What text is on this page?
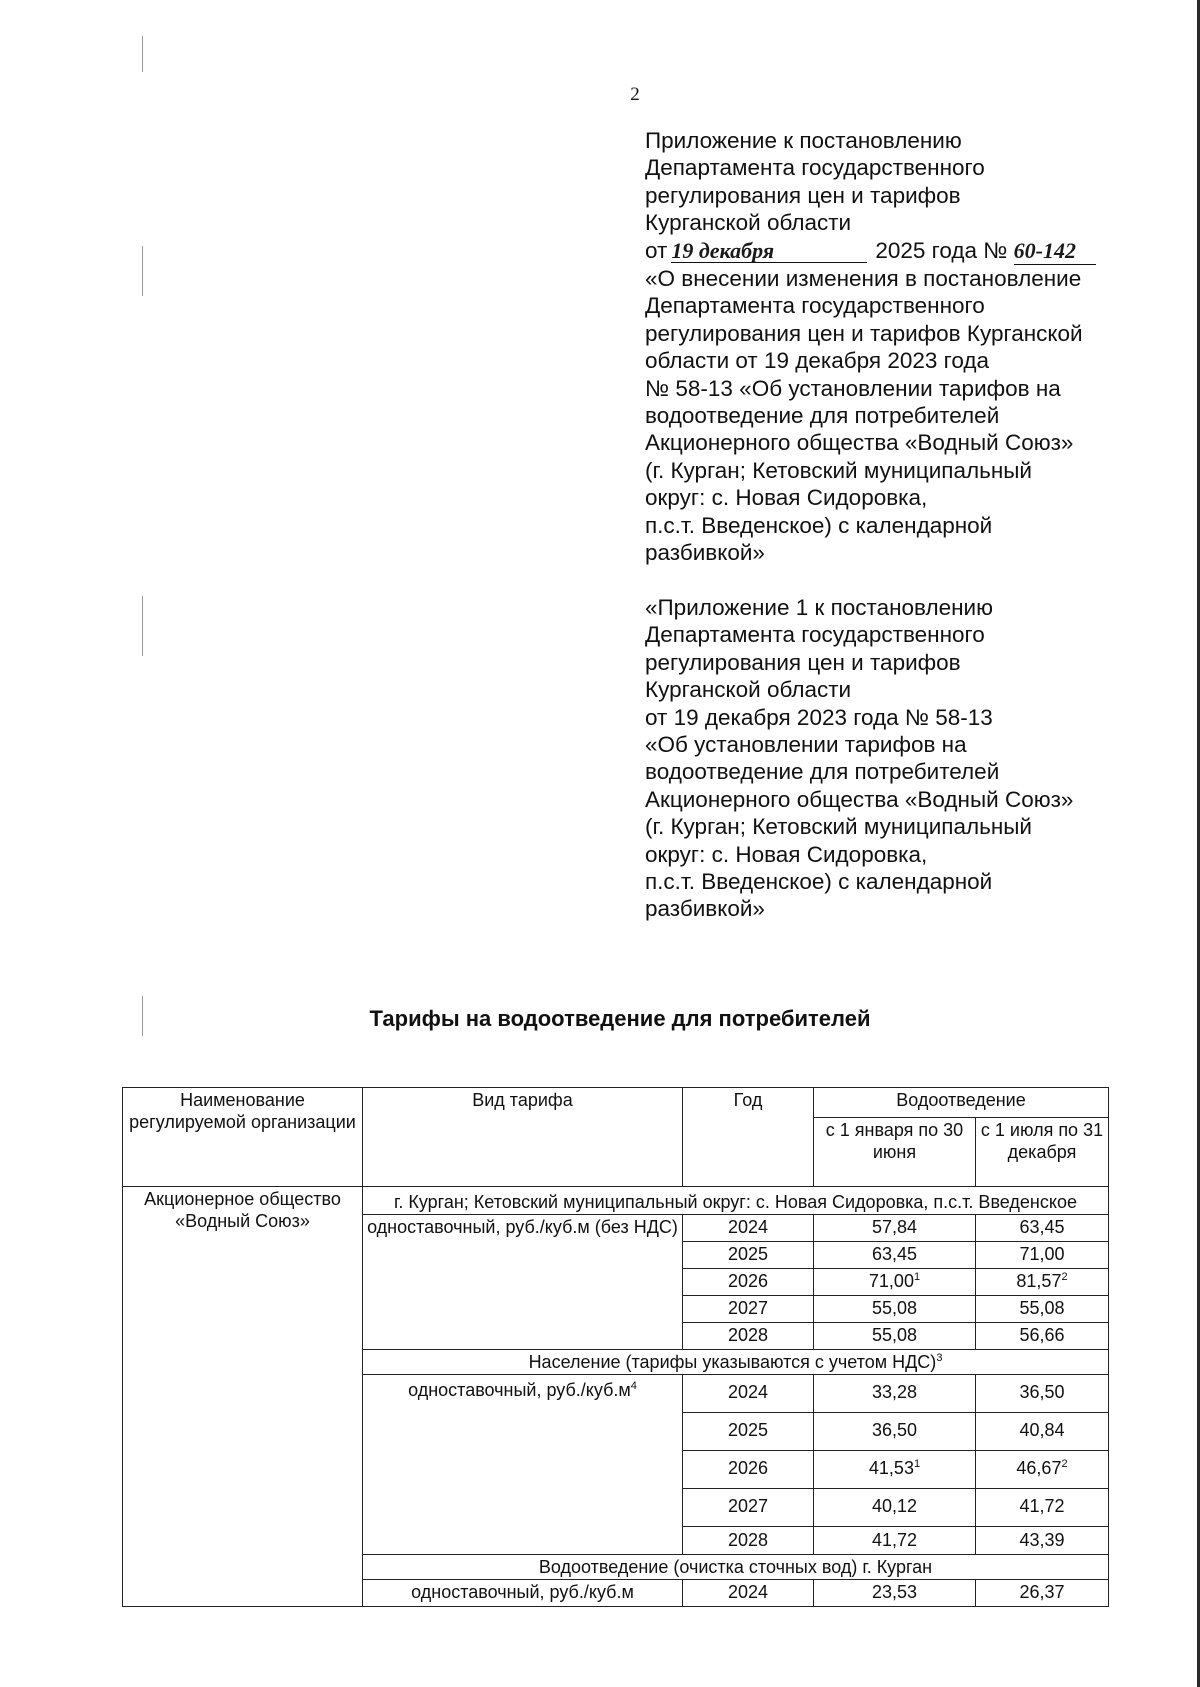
2
Приложение к постановлению
Департамента государственного
регулирования цен и тарифов
Курганской области
от 19 декабря	2025 года № 60-142
«О внесении изменения в постановление
Департамента государственного
регулирования цен и тарифов Курганской
области от 19 декабря 2023 года
№ 58-13 «Об установлении тарифов на
водоотведение для потребителей
Акционерного общества «Водный Союз»
(г. Курган; Кетовский муниципальный
округ: с. Новая Сидоровка,
п.с.т. Введенское) с календарной
разбивкой»
«Приложение 1 к постановлению
Департамента государственного
регулирования цен и тарифов
Курганской области
от 19 декабря 2023 года № 58-13
«Об установлении тарифов на
водоотведение для потребителей
Акционерного общества «Водный Союз»
(г. Курган; Кетовский муниципальный
округ: с. Новая Сидоровка,
п.с.т. Введенское) с календарной
разбивкой»
Тарифы на водоотведение для потребителей
Наименование регулируемой организации	Вид тарифа	Год	Водоотведение	
			с 1 января по 30 июня	с 1 июля по 31 декабря
Акционерное общество «Водный Союз»	г. Курган; Кетовский муниципальный округ: с. Новая Сидоровка, п.с.т. Введенское			
	одноставочный, руб./куб.м (без НДС)	2024	57,84	63,45
		2025	63,45	71,00
		2026	71,00$^1$	81,57$^2$
		2027	55,08	55,08
		2028	55,08	56,66
	Население (тарифы указываются с учетом НДС)$^3$
	одноставочный, $руб./куб.м^4$	2024	33,28	36,50
		2025	36,50	40,84
		2026	41,53$^1$	46,67$^2$
		2027	40,12	41,72
		2028	41,72	43,39
	Водоотведение (очистка сточных вод) г. Курган			
	одноставочный, руб./куб.м	2024	23,53	26,37
